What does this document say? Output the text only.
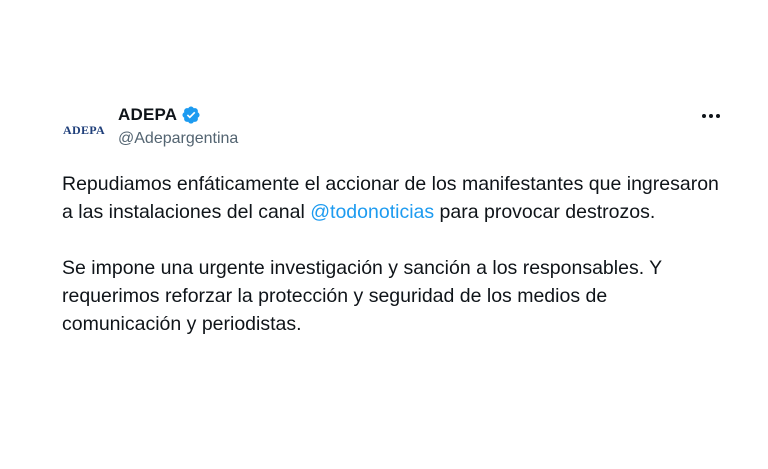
ADEPA
ADEPA
@Adepargentina

Repudiamos enfáticamente el accionar de los manifestantes que ingresaron a las instalaciones del canal @todonoticias para provocar destrozos.

Se impone una urgente investigación y sanción a los responsables. Y requerimos reforzar la protección y seguridad de los medios de comunicación y periodistas.
